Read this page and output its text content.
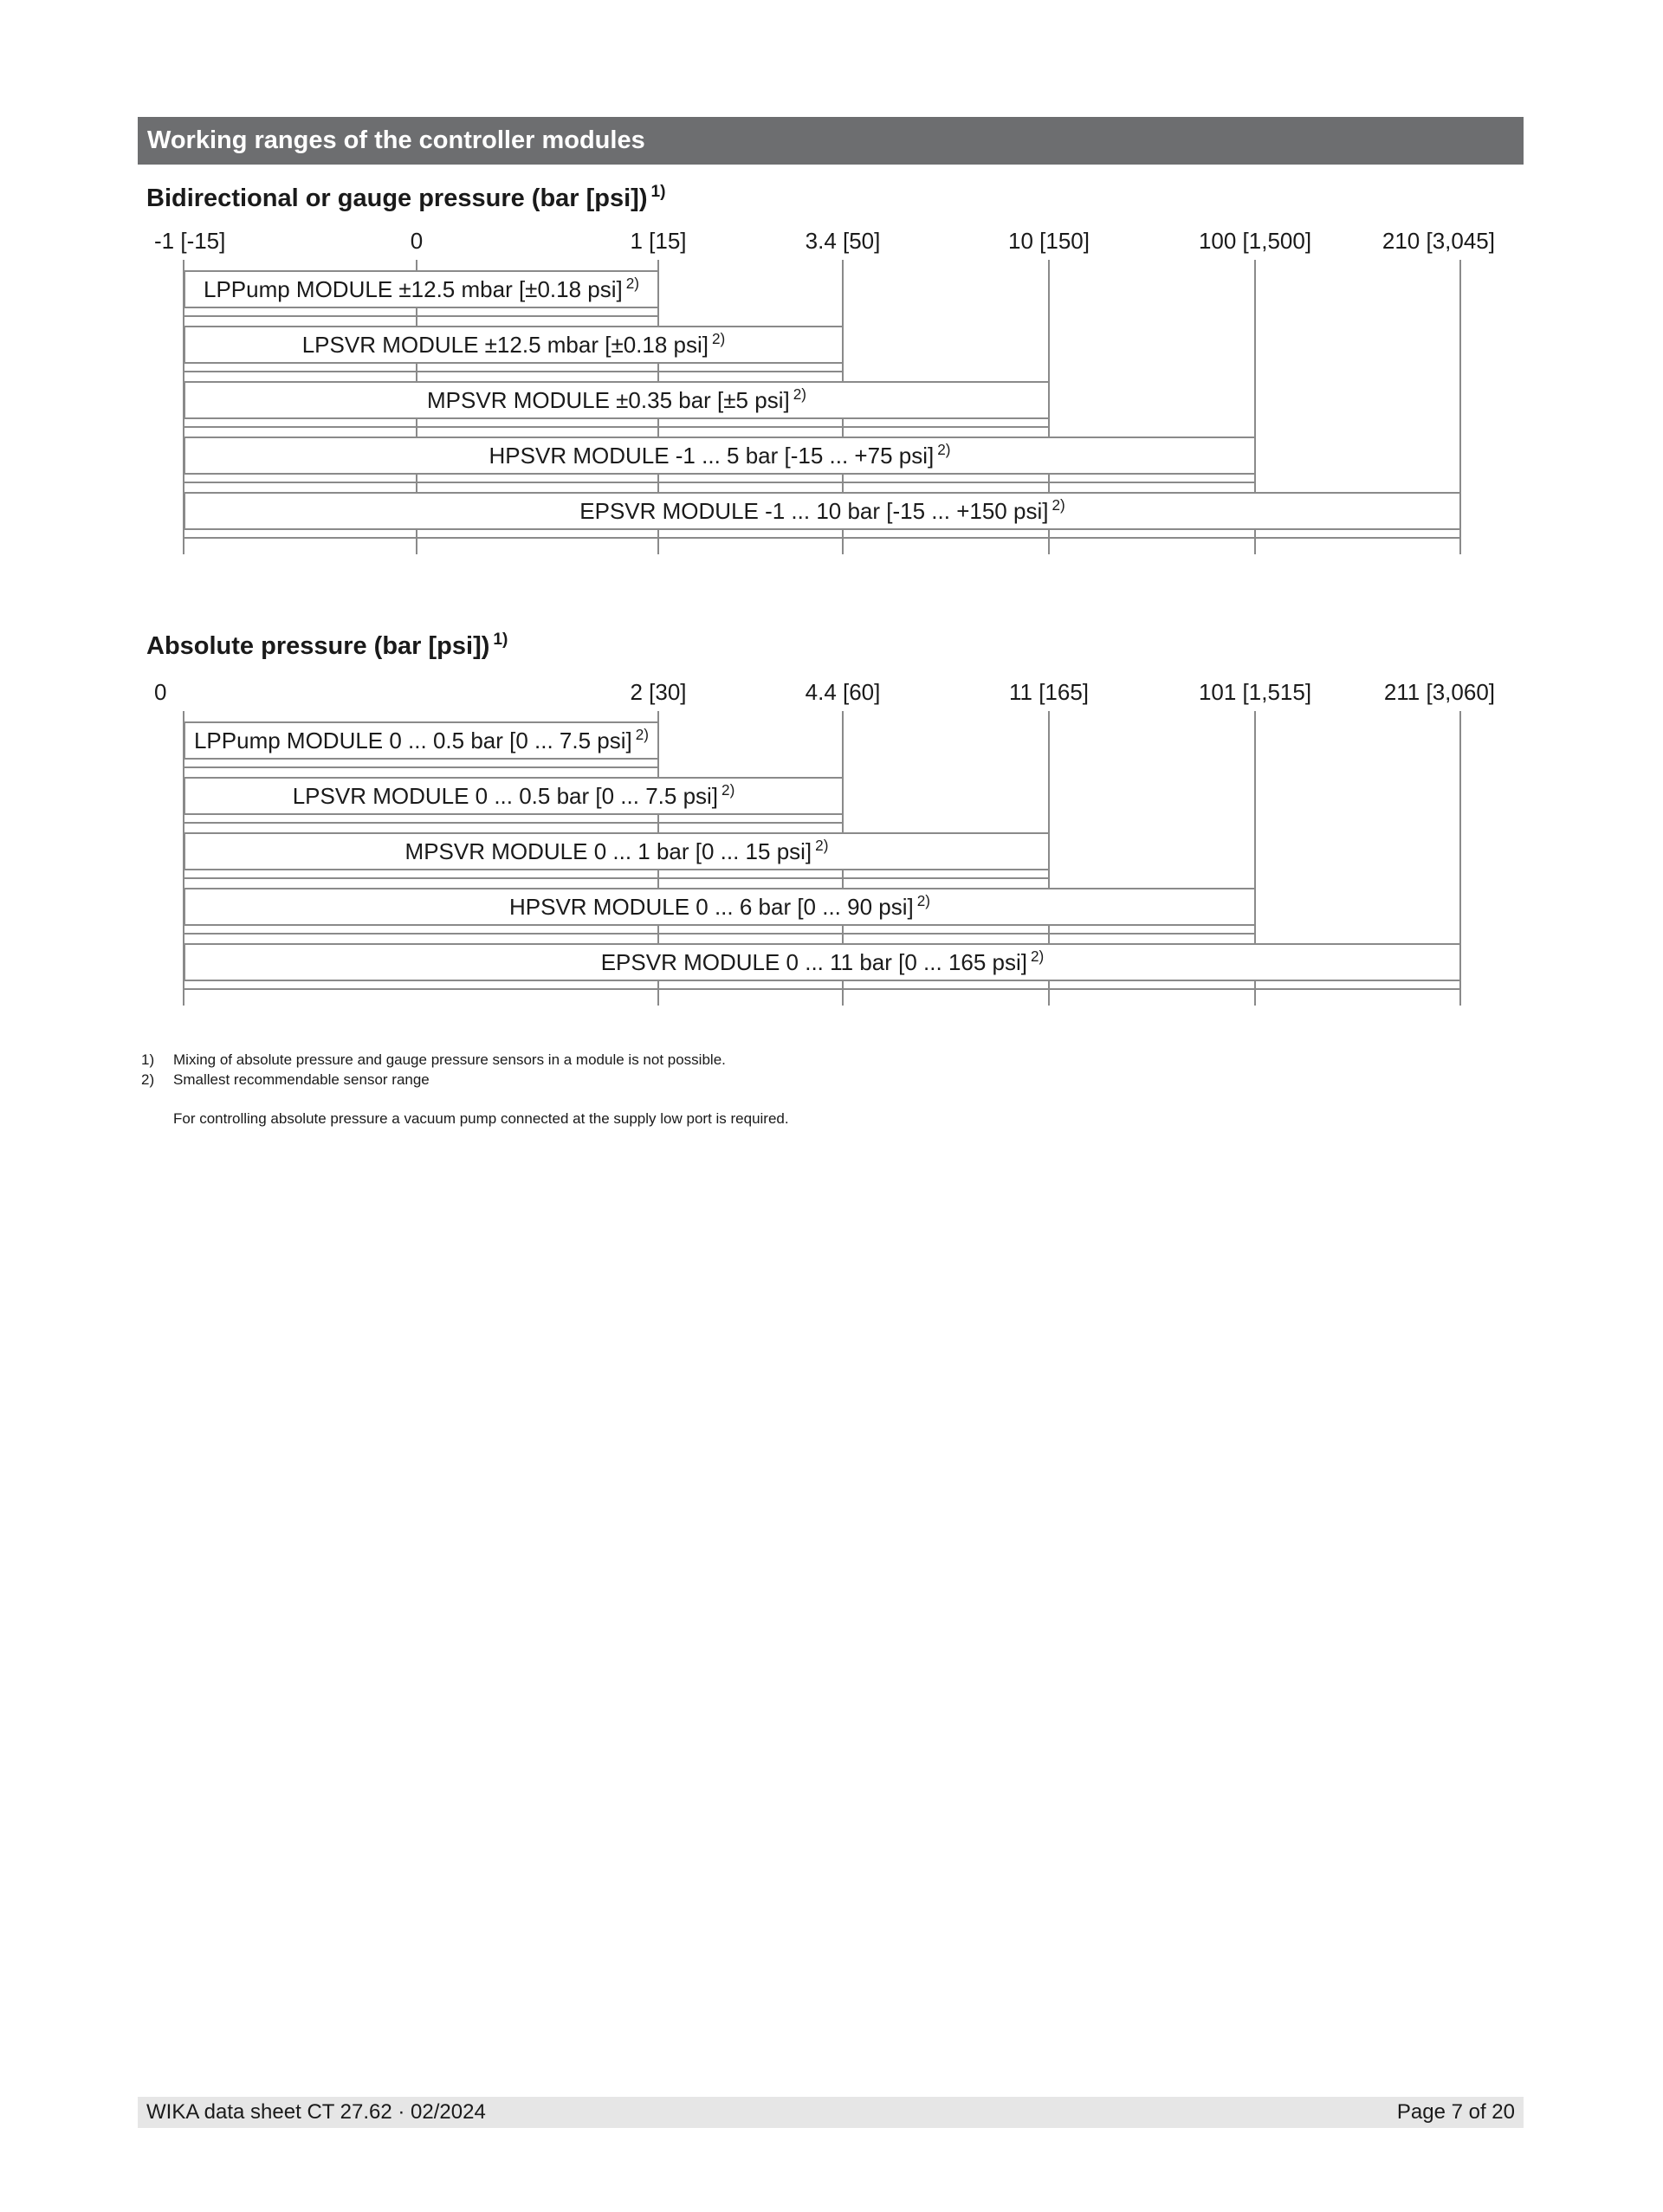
Working ranges of the controller modules
Bidirectional or gauge pressure (bar [psi]) $^{1)}$
-1 [-15]	0	1 [15]	3.4 [50]	10 [150]	100 [1,500]	210 [3,045]
LPPump MODULE ±12.5 mbar [±0.18 psi] $^{2)}$
LPSVR MODULE ±12.5 mbar [±0.18 psi] $^{2)}$
MPSVR MODULE ±0.35 bar [±5 psi] $^{2)}$
HPSVR MODULE -1 ... 5 bar [-15 ... +75 psi] $^{2)}$
EPSVR MODULE -1 ... 10 bar [-15 ... +150 psi] $^{2)}$
Absolute pressure (bar [psi]) $^{1)}$
0	2 [30]	4.4 [60]	11 [165]	101 [1,515]	211 [3,060]
LPPump MODULE 0 ... 0.5 bar [0 ... 7.5 psi] $^{2)}$
LPSVR MODULE 0 ... 0.5 bar [0 ... 7.5 psi] $^{2)}$
MPSVR MODULE 0 ... 1 bar [0 ... 15 psi] $^{2)}$
HPSVR MODULE 0 ... 6 bar [0 ... 90 psi] $^{2)}$
EPSVR MODULE 0 ... 11 bar [0 ... 165 psi] $^{2)}$
1)	Mixing of absolute pressure and gauge pressure sensors in a module is not possible.
2)	Smallest recommendable sensor range
For controlling absolute pressure a vacuum pump connected at the supply low port is required.
WIKA data sheet CT 27.62 · 02/2024	Page 7 of 20
